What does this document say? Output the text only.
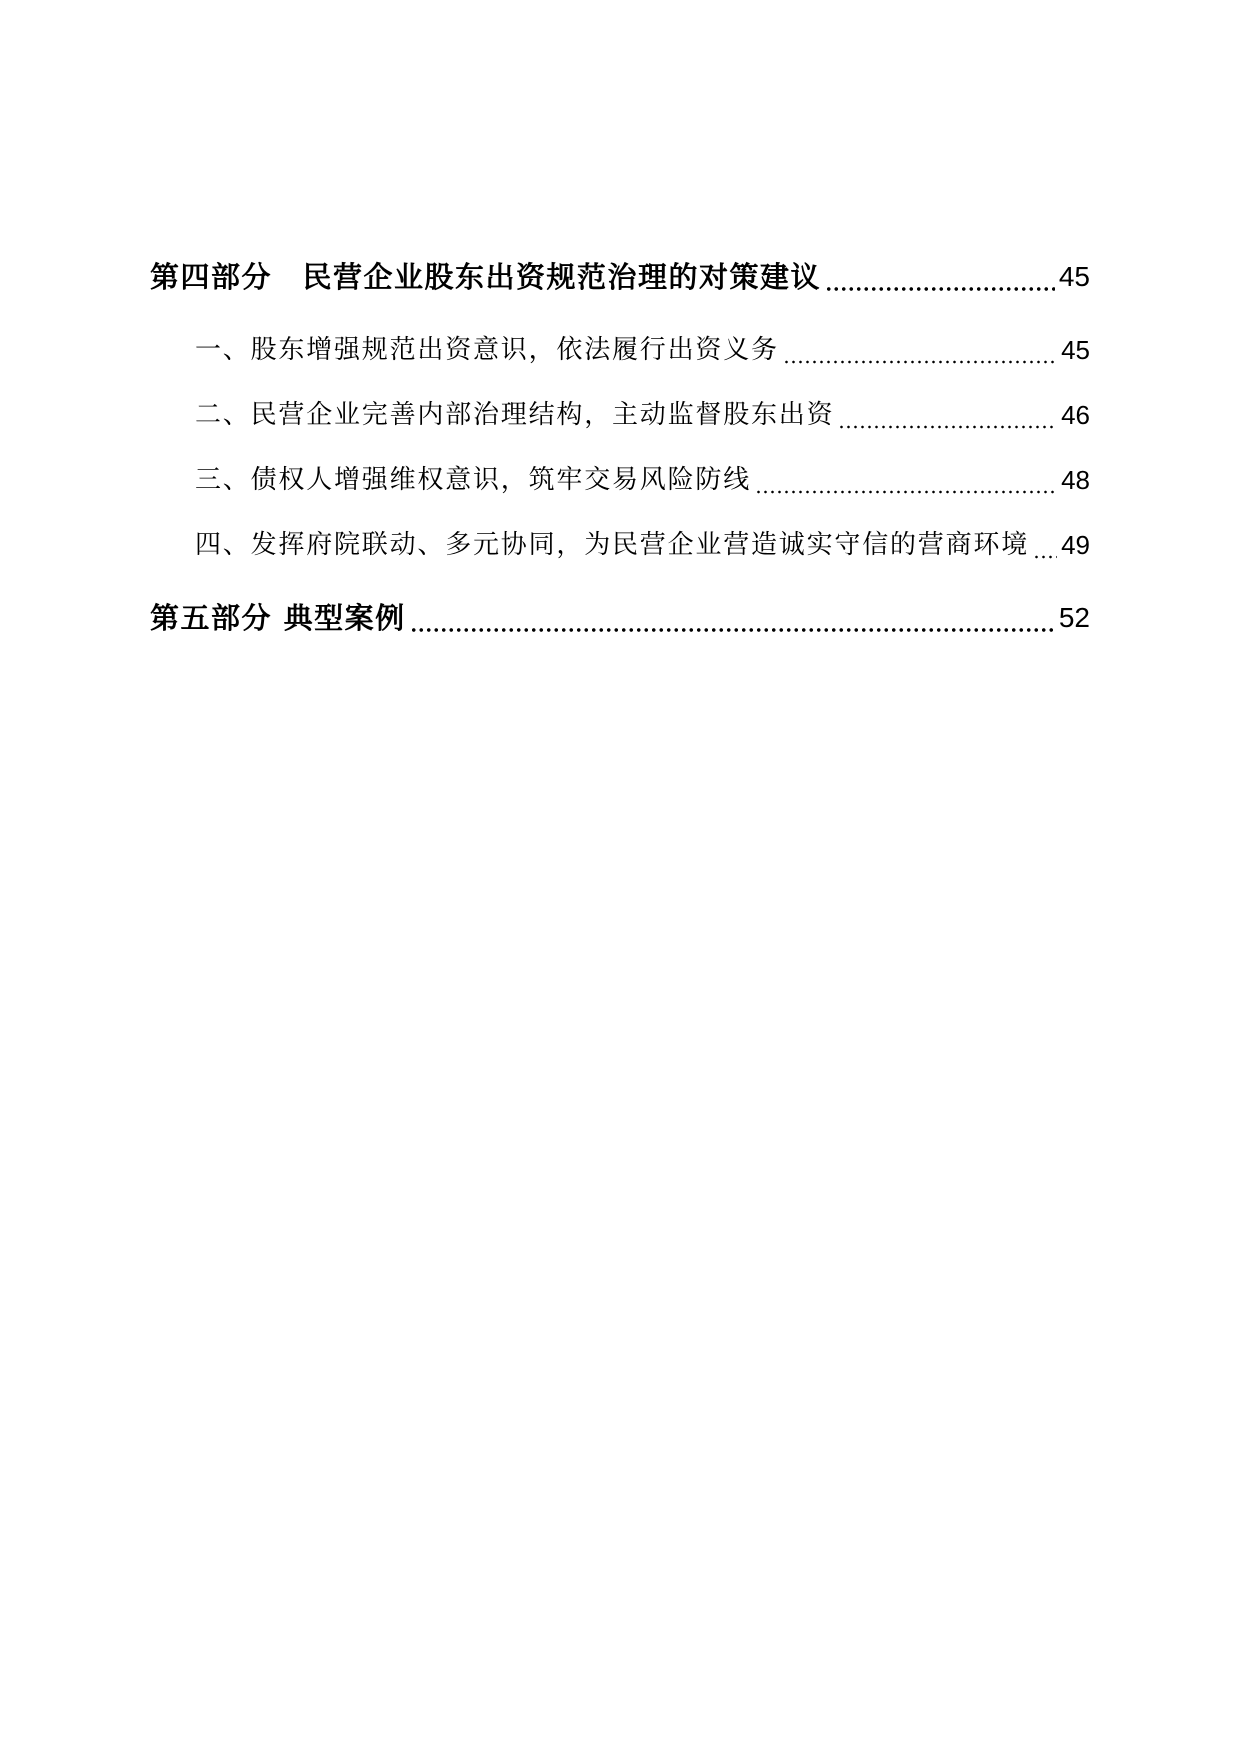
第四部分　民营企业股东出资规范治理的对策建议	45
一、股东增强规范出资意识，依法履行出资义务	45
二、民营企业完善内部治理结构，主动监督股东出资	46
三、债权人增强维权意识，筑牢交易风险防线	48
四、发挥府院联动、多元协同，为民营企业营造诚实守信的营商环境 49
第五部分 典型案例	52
